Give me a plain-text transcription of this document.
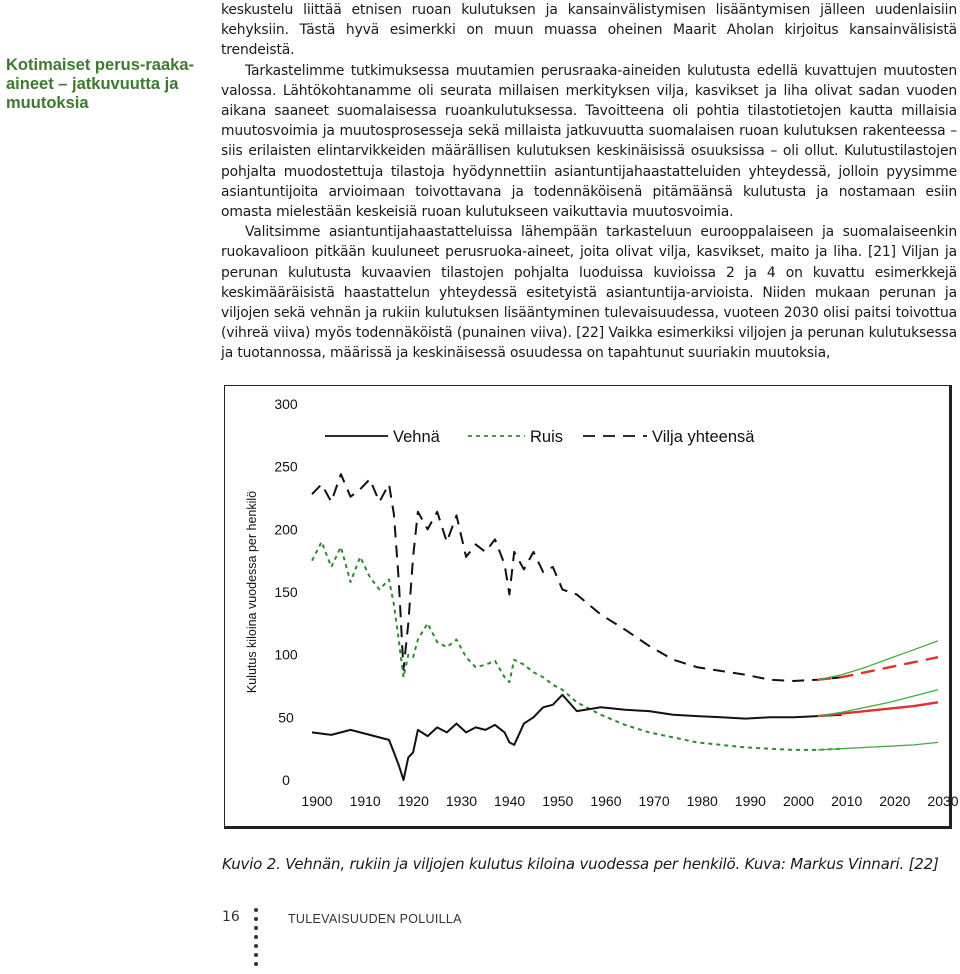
Kotimaiset perus-raaka-aineet – jatkuvuutta ja muutoksia

keskustelu liittää etnisen ruoan kulutuksen ja kansainvälistymisen lisääntymisen jälleen uudenlaisiin kehyksiin. Tästä hyvä esimerkki on muun muassa oheinen Maarit Aholan kirjoitus kansainvälisistä trendeistä.

Tarkastelimme tutkimuksessa muutamien perusraaka-aineiden kulutusta edellä kuvattujen muutosten valossa. Lähtökohtanamme oli seurata millaisen merkityksen vilja, kasvikset ja liha olivat sadan vuoden aikana saaneet suomalaisessa ruoankulutuksessa. Tavoitteena oli pohtia tilastotietojen kautta millaisia muutosvoimia ja muutosprosesseja sekä millaista jatkuvuutta suomalaisen ruoan kulutuksen rakenteessa – siis erilaisten elintarvikkeiden määrällisen kulutuksen keskinäisissä osuuksissa – oli ollut. Kulutustilastojen pohjalta muodostettuja tilastoja hyödynnettiin asiantuntijahaastatteluiden yhteydessä, jolloin pyysimme asiantuntijoita arvioimaan toivottavana ja todennäköisenä pitämäänsä kulutusta ja nostamaan esiin omasta mielestään keskeisiä ruoan kulutukseen vaikuttavia muutosvoimia.

Valitsimme asiantuntijahaastatteluissa lähempään tarkasteluun eurooppalaiseen ja suomalaiseenkin ruokavalioon pitkään kuuluneet perusruoka-aineet, joita olivat vilja, kasvikset, maito ja liha. [21] Viljan ja perunan kulutusta kuvaavien tilastojen pohjalta luoduissa kuvioissa 2 ja 4 on kuvattu esimerkkejä keskimääräisistä haastattelun yhteydessä esitetyistä asiantuntija-arvioista. Niiden mukaan perunan ja viljojen sekä vehnän ja rukiin kulutuksen lisääntyminen tulevaisuudessa, vuoteen 2030 olisi paitsi toivottua (vihreä viiva) myös todennäköistä (punainen viiva). [22] Vaikka esimerkiksi viljojen ja perunan kulutuksessa ja tuotannossa, määrissä ja keskinäisessä osuudessa on tapahtunut suuriakin muutoksia,

0
50
100
150
200
250
300
1900 1910 1920 1930 1940 1950 1960 1970 1980 1990 2000 2010 2020 2030
Kulutus kiloina vuodessa per henkilö
Vehnä	Ruis	Vilja yhteensä
Kuvio 2. Vehnän, rukiin ja viljojen kulutus kiloina vuodessa per henkilö. Kuva: Markus Vinnari. [22]
16	TULEVAISUUDEN POLUILLA
